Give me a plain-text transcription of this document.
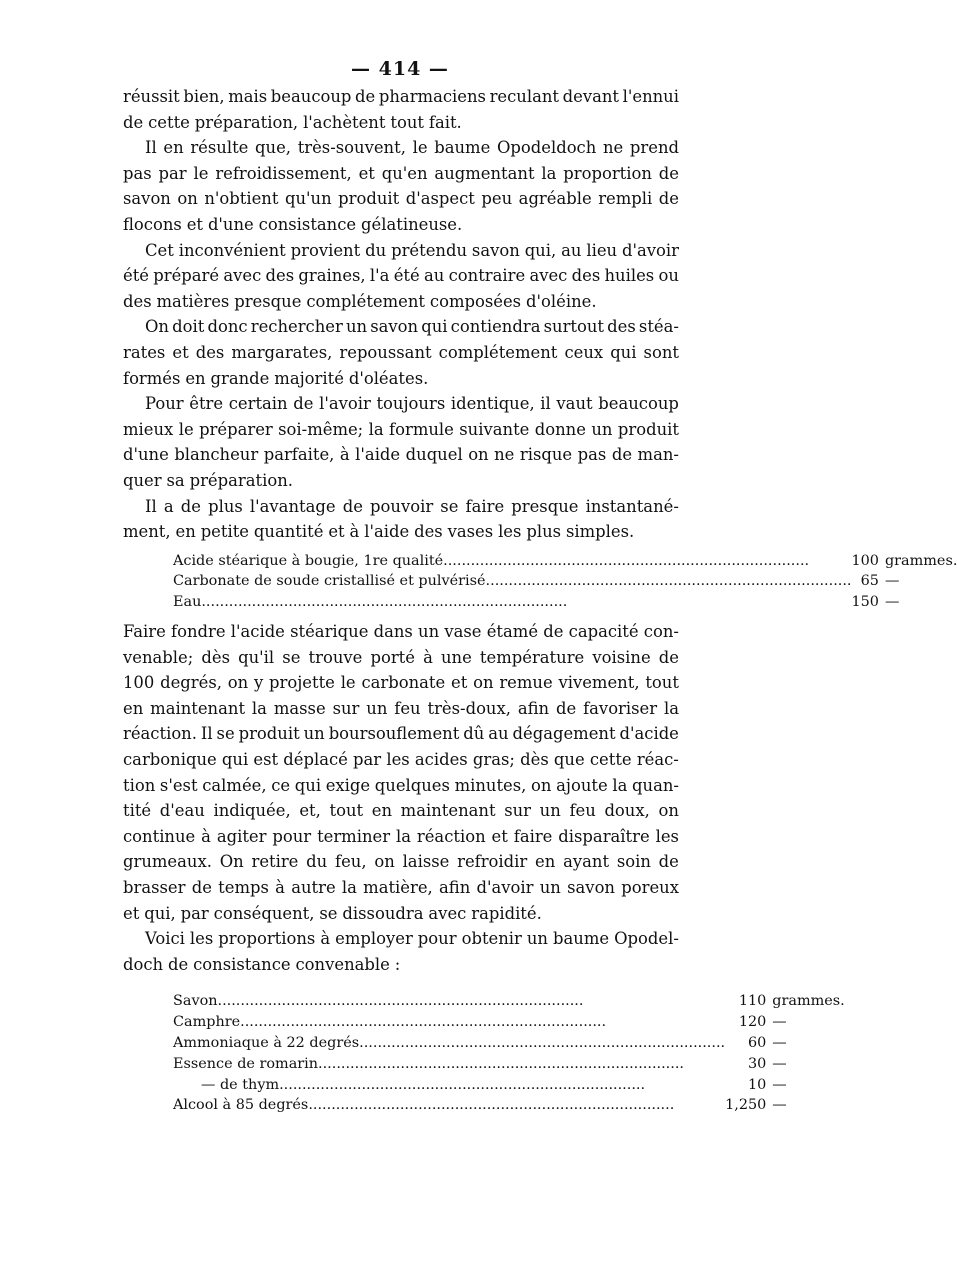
— 414 —
réussit bien, mais beaucoup de pharmaciens reculant devant l'ennui
de cette préparation, l'achètent tout fait.
Il en résulte que, très-souvent, le baume Opodeldoch ne prend
pas par le refroidissement, et qu'en augmentant la proportion de
savon on n'obtient qu'un produit d'aspect peu agréable rempli de
flocons et d'une consistance gélatineuse.
Cet inconvénient provient du prétendu savon qui, au lieu d'avoir
été préparé avec des graines, l'a été au contraire avec des huiles ou
des matières presque complétement composées d'oléine.
On doit donc rechercher un savon qui contiendra surtout des stéa-
rates et des margarates, repoussant complétement ceux qui sont
formés en grande majorité d'oléates.
Pour être certain de l'avoir toujours identique, il vaut beaucoup
mieux le préparer soi-même; la formule suivante donne un produit
d'une blancheur parfaite, à l'aide duquel on ne risque pas de man-
quer sa préparation.
Il a de plus l'avantage de pouvoir se faire presque instantané-
ment, en petite quantité et à l'aide des vases les plus simples.
Acide stéarique à bougie, 1re qualité................................................................................	100	grammes.
Carbonate de soude cristallisé et pulvérisé................................................................................	65	—
Eau................................................................................	150	—
Faire fondre l'acide stéarique dans un vase étamé de capacité con-
venable; dès qu'il se trouve porté à une température voisine de
100 degrés, on y projette le carbonate et on remue vivement, tout
en maintenant la masse sur un feu très-doux, afin de favoriser la
réaction. Il se produit un boursouflement dû au dégagement d'acide
carbonique qui est déplacé par les acides gras; dès que cette réac-
tion s'est calmée, ce qui exige quelques minutes, on ajoute la quan-
tité d'eau indiquée, et, tout en maintenant sur un feu doux, on
continue à agiter pour terminer la réaction et faire disparaître les
grumeaux. On retire du feu, on laisse refroidir en ayant soin de
brasser de temps à autre la matière, afin d'avoir un savon poreux
et qui, par conséquent, se dissoudra avec rapidité.
Voici les proportions à employer pour obtenir un baume Opodel-
doch de consistance convenable :
Savon................................................................................	110	grammes.
Camphre................................................................................	120	—
Ammoniaque à 22 degrés................................................................................	60	—
Essence de romarin................................................................................	30	—
— de thym................................................................................	10	—
Alcool à 85 degrés................................................................................	1,250	—
